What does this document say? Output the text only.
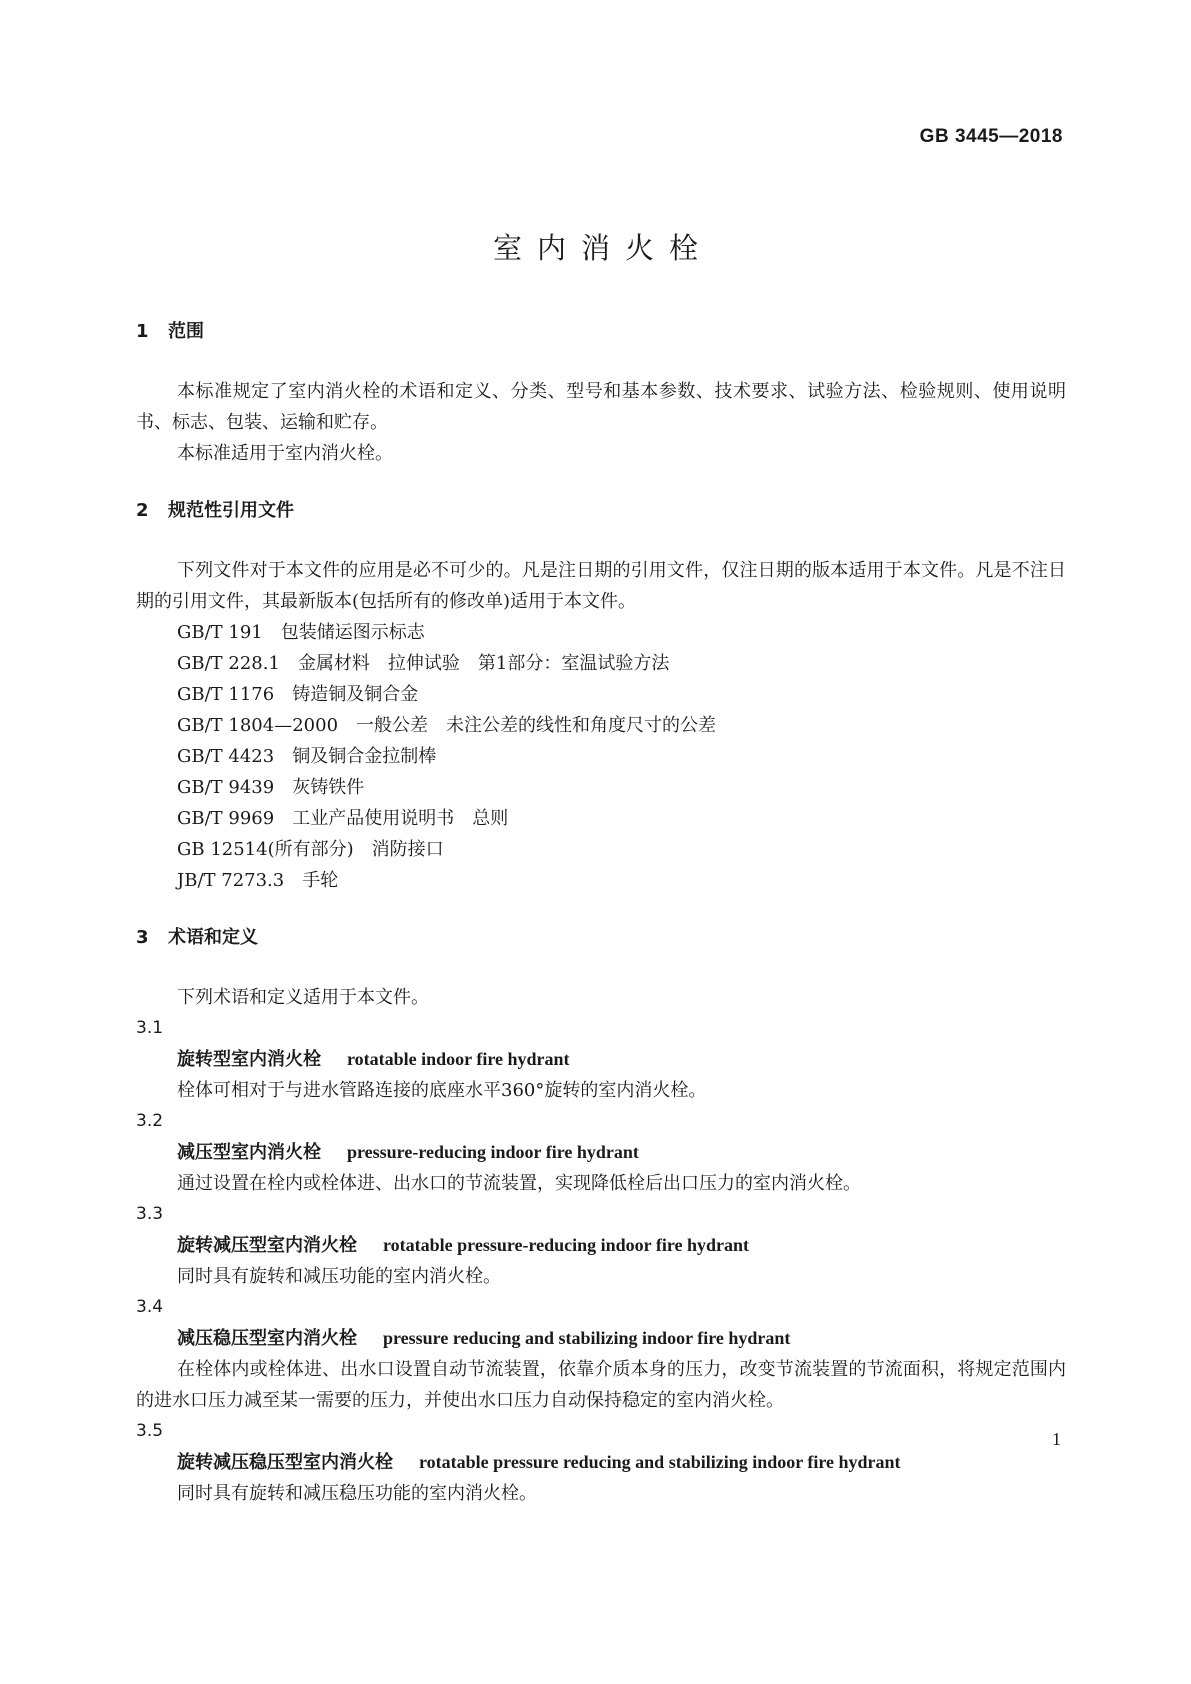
GB 3445—2018
室内消火栓
1 范围

本标准规定了室内消火栓的术语和定义、分类、型号和基本参数、技术要求、试验方法、检验规则、使用说明书、标志、包装、运输和贮存。

本标准适用于室内消火栓。

2 规范性引用文件

下列文件对于本文件的应用是必不可少的。凡是注日期的引用文件，仅注日期的版本适用于本文件。凡是不注日期的引用文件，其最新版本(包括所有的修改单)适用于本文件。

GB/T 191 包装储运图示标志
GB/T 228.1 金属材料　拉伸试验　第1部分：室温试验方法
GB/T 1176 铸造铜及铜合金
GB/T 1804—2000 一般公差　未注公差的线性和角度尺寸的公差
GB/T 4423 铜及铜合金拉制棒
GB/T 9439 灰铸铁件
GB/T 9969 工业产品使用说明书　总则
GB 12514(所有部分) 消防接口
JB/T 7273.3 手轮
3 术语和定义

下列术语和定义适用于本文件。

3.1

旋转型室内消火栓 rotatable indoor fire hydrant

栓体可相对于与进水管路连接的底座水平360°旋转的室内消火栓。

3.2

减压型室内消火栓 pressure-reducing indoor fire hydrant

通过设置在栓内或栓体进、出水口的节流装置，实现降低栓后出口压力的室内消火栓。

3.3

旋转减压型室内消火栓 rotatable pressure-reducing indoor fire hydrant

同时具有旋转和减压功能的室内消火栓。

3.4

减压稳压型室内消火栓 pressure reducing and stabilizing indoor fire hydrant

在栓体内或栓体进、出水口设置自动节流装置，依靠介质本身的压力，改变节流装置的节流面积，将规定范围内的进水口压力减至某一需要的压力，并使出水口压力自动保持稳定的室内消火栓。

3.5

旋转减压稳压型室内消火栓 rotatable pressure reducing and stabilizing indoor fire hydrant

同时具有旋转和减压稳压功能的室内消火栓。

1
